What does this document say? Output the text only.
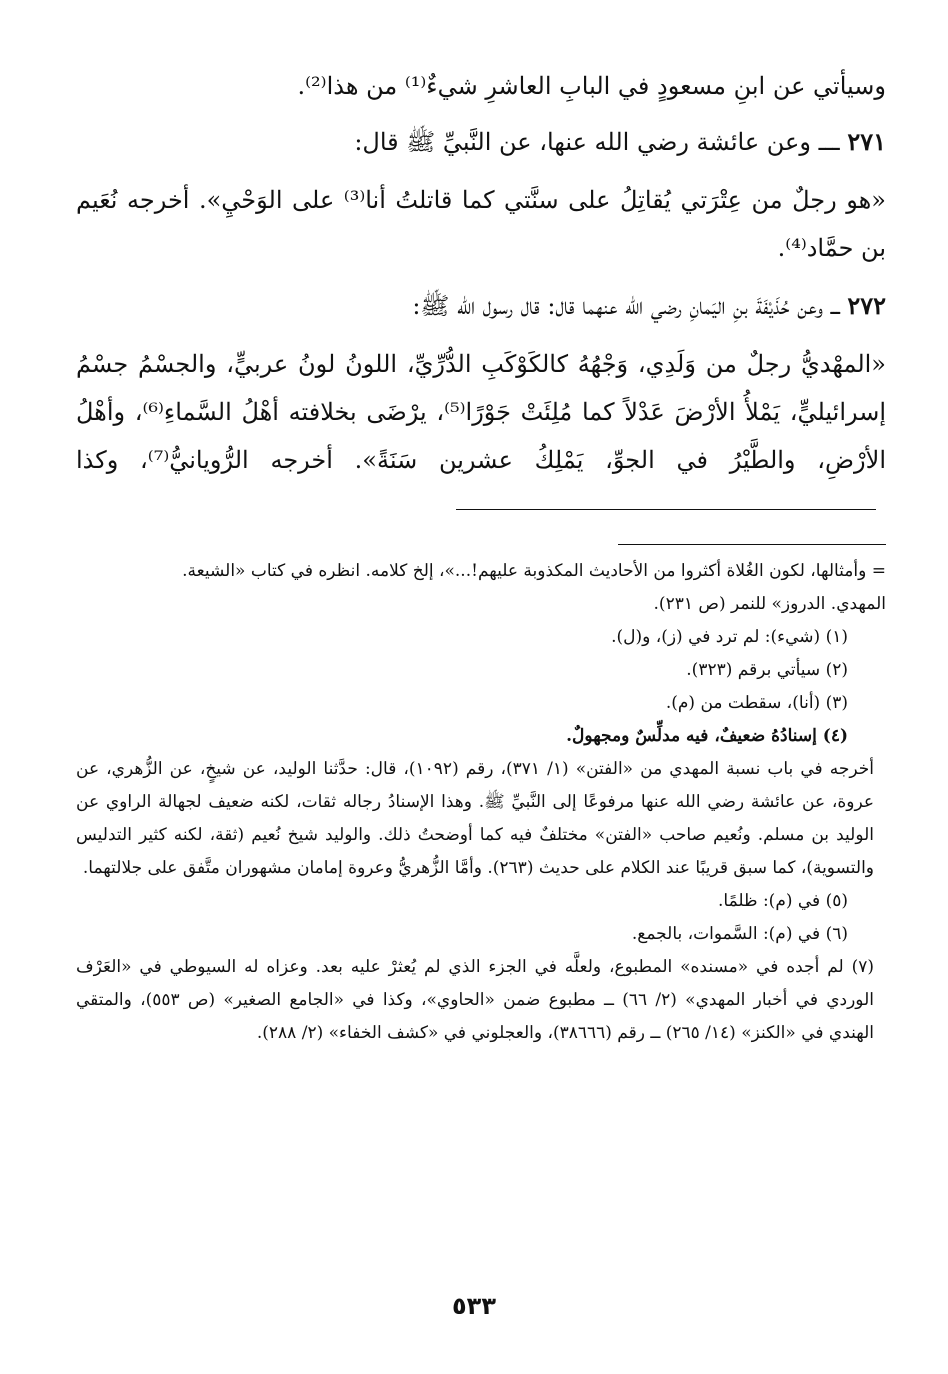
وسيأتي عن ابنِ مسعودٍ في البابِ العاشرِ شيءٌ⁽¹⁾ من هذا⁽²⁾.

٢٧١ ـــ وعن عائشة رضي الله عنها، عن النَّبيِّ ﷺ قال:

«هو رجلٌ من عِتْرَتي يُقاتِلُ على سنَّتي كما قاتلتُ أنا⁽³⁾ على الوَحْيِ». أخرجه نُعَيم بن حمَّاد⁽⁴⁾.

٢٧٢ ـــ وعن حُذَيْفَةَ بنِ اليَمانِ رضي الله عنهما قال: قال رسول الله ﷺ:

«المهْديُّ رجلٌ من وَلَدِي، وَجْهُهُ كالكَوْكَبِ الدُّرِّيِّ، اللونُ لونُ عربيٍّ، والجسْمُ جسْمُ إسرائيليٍّ، يَمْلأُ الأرْضَ عَدْلاً كما مُلِئَتْ جَوْرًا⁽⁵⁾، يرْضَى بخلافته أهْلُ السَّماءِ⁽⁶⁾، وأهْلُ الأرْضِ، والطَّيْرُ في الجوِّ، يَمْلِكُ عشرين سَنَةً». أخرجه الرُّويانيُّ⁽⁷⁾، وكذا

= وأمثالها، لكون الغُلاة أكثروا من الأحاديث المكذوبة عليهم!...»، إلخ كلامه. انظره في كتاب «الشيعة.

المهدي. الدروز» للنمر (ص ٢٣١).

(١) (شيء): لم ترد في (ز)، و(ل).

(٢) سيأتي برقم (٣٢٣).

(٣) (أنا)، سقطت من (م).

(٤) إسنادُهُ ضعيفٌ، فيه مدلِّسٌ ومجهولٌ.

أخرجه في باب نسبة المهدي من «الفتن» (١/ ٣٧١)، رقم (١٠٩٢)، قال: حدَّثنا الوليد، عن شيخٍ، عن الزُّهري، عن عروة، عن عائشة رضي الله عنها مرفوعًا إلى النَّبيِّ ﷺ. وهذا الإسنادُ رجاله ثقات، لكنه ضعيف لجهالة الراوي عن الوليد بن مسلم. ونُعيم صاحب «الفتن» مختلفٌ فيه كما أوضحتُ ذلك. والوليد شيخ نُعيم (ثقة، لكنه كثير التدليس والتسوية)، كما سبق قريبًا عند الكلام على حديث (٢٦٣). وأمَّا الزُّهريُّ وعروة إمامان مشهوران متَّفق على جلالتهما.

(٥) في (م): ظلمًا.

(٦) في (م): السَّموات، بالجمع.

(٧) لم أجده في «مسنده» المطبوع، ولعلَّه في الجزء الذي لم يُعثرْ عليه بعد. وعزاه له السيوطي في «العَرْف الوردي في أخبار المهدي» (٢/ ٦٦) ــ مطبوع ضمن «الحاوي»، وكذا في «الجامع الصغير» (ص ٥٥٣)، والمتقي الهندي في «الكنز» (١٤/ ٢٦٥) ــ رقم (٣٨٦٦٦)، والعجلوني في «كشف الخفاء» (٢/ ٢٨٨).

٥٣٣
